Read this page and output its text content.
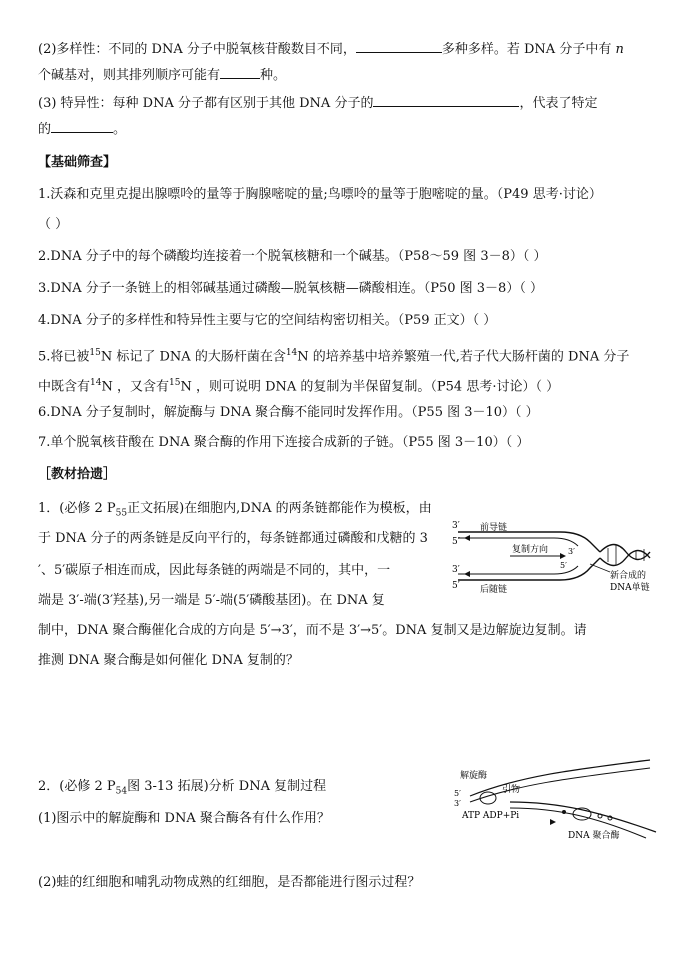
(2)多样性：不同的 DNA 分子中脱氧核苷酸数目不同，	多种多样。若 DNA 分子中有 n
个碱基对，则其排列顺序可能有	种。
(3) 特异性：每种 DNA 分子都有区别于其他 DNA 分子的	，代表了特定
的	。
【基础筛查】
1.沃森和克里克提出腺嘌呤的量等于胸腺嘧啶的量;鸟嘌呤的量等于胞嘧啶的量。（P49 思考·讨论）
（ ）
2.DNA 分子中的每个磷酸均连接着一个脱氧核糖和一个碱基。（P58～59 图 3－8）（ ）
3.DNA 分子一条链上的相邻碱基通过磷酸—脱氧核糖—磷酸相连。（P50 图 3－8）（ ）
4.DNA 分子的多样性和特异性主要与它的空间结构密切相关。（P59 正文）（ ）
5.将已被$^{15}$N 标记了 DNA 的大肠杆菌在含$^{14}$N 的培养基中培养繁殖一代,若子代大肠杆菌的 DNA 分子
中既含有$^{14}$N ，又含有$^{15}$N ，则可说明 DNA 的复制为半保留复制。（P54 思考·讨论）（ ）
6.DNA 分子复制时，解旋酶与 DNA 聚合酶不能同时发挥作用。（P55 图 3－10）（ ）
7.单个脱氧核苷酸在 DNA 聚合酶的作用下连接合成新的子链。（P55 图 3－10）（ ）
［教材拾遗］
1．(必修 2 $P_{55}$正文拓展)在细胞内,DNA 的两条链都能作为模板，由
于 DNA 分子的两条链是反向平行的，每条链都通过磷酸和戊糖的 3
′、5′碳原子相连而成，因此每条链的两端是不同的，其中，一
端是 3′-端(3′羟基),另一端是 5′-端(5′磷酸基团)。在 DNA 复
制中，DNA 聚合酶催化合成的方向是 5′→3′，而不是 3′→5′。DNA 复制又是边解旋边复制。请
推测 DNA 聚合酶是如何催化 DNA 复制的？
2．(必修 2 $P_{54}$图 3-13 拓展)分析 DNA 复制过程
(1)图示中的解旋酶和 DNA 聚合酶各有什么作用？
(2)蛙的红细胞和哺乳动物成熟的红细胞，是否都能进行图示过程？
3′
5′
3′
5′
3′
5′
前导链
复制方向
后随链
新合成的
DNA单链
解旋酶
引物
5′
3′
ATP ADP+Pi
DNA 聚合酶
